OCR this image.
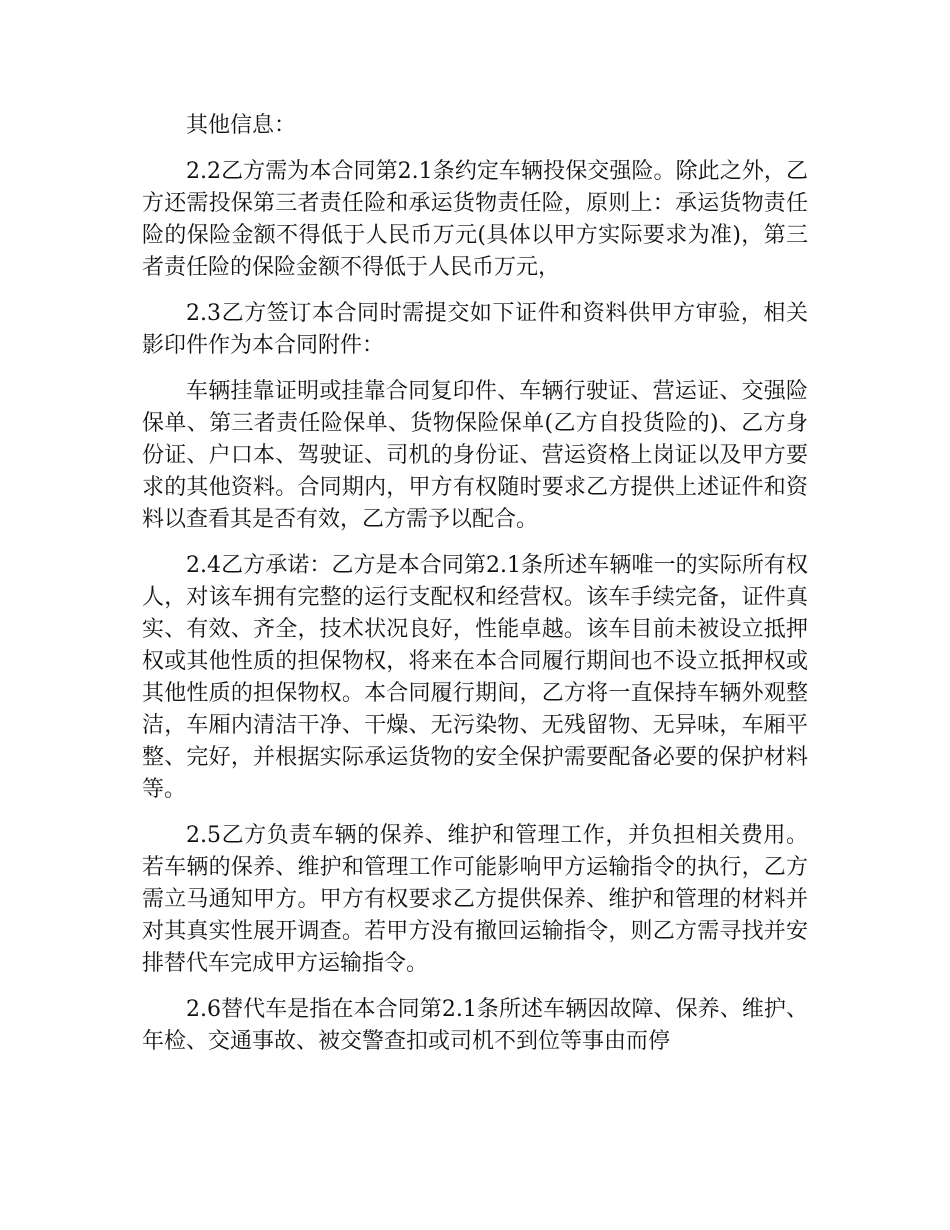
其他信息：

2.2乙方需为本合同第2.1条约定车辆投保交强险。除此之外，乙方还需投保第三者责任险和承运货物责任险，原则上：承运货物责任险的保险金额不得低于人民币万元(具体以甲方实际要求为准)，第三者责任险的保险金额不得低于人民币万元，

2.3乙方签订本合同时需提交如下证件和资料供甲方审验，相关影印件作为本合同附件：

车辆挂靠证明或挂靠合同复印件、车辆行驶证、营运证、交强险保单、第三者责任险保单、货物保险保单(乙方自投货险的)、乙方身份证、户口本、驾驶证、司机的身份证、营运资格上岗证以及甲方要求的其他资料。合同期内，甲方有权随时要求乙方提供上述证件和资料以查看其是否有效，乙方需予以配合。

2.4乙方承诺：乙方是本合同第2.1条所述车辆唯一的实际所有权人，对该车拥有完整的运行支配权和经营权。该车手续完备，证件真实、有效、齐全，技术状况良好，性能卓越。该车目前未被设立抵押权或其他性质的担保物权，将来在本合同履行期间也不设立抵押权或其他性质的担保物权。本合同履行期间，乙方将一直保持车辆外观整洁，车厢内清洁干净、干燥、无污染物、无残留物、无异味，车厢平整、完好，并根据实际承运货物的安全保护需要配备必要的保护材料等。

2.5乙方负责车辆的保养、维护和管理工作，并负担相关费用。若车辆的保养、维护和管理工作可能影响甲方运输指令的执行，乙方需立马通知甲方。甲方有权要求乙方提供保养、维护和管理的材料并对其真实性展开调查。若甲方没有撤回运输指令，则乙方需寻找并安排替代车完成甲方运输指令。

2.6替代车是指在本合同第2.1条所述车辆因故障、保养、维护、年检、交通事故、被交警查扣或司机不到位等事由而停
